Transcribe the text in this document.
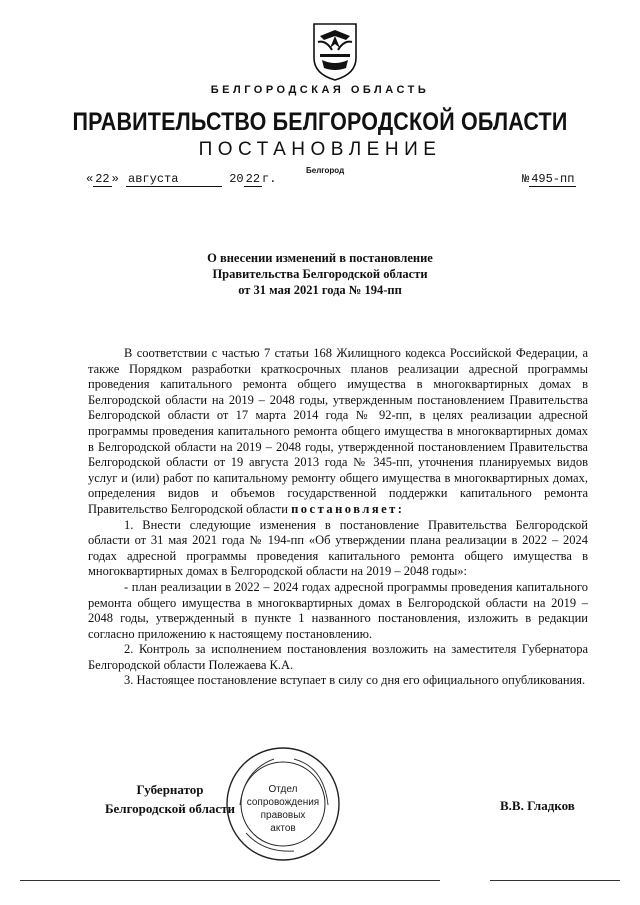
БЕЛГОРОДСКАЯ ОБЛАСТЬ
ПРАВИТЕЛЬСТВО БЕЛГОРОДСКОЙ ОБЛАСТИ
ПОСТАНОВЛЕНИЕ
Белгород
« 22 » августа	20 22 г.	№ 495-пп
О внесении изменений в постановление
Правительства Белгородской области
от 31 мая 2021 года № 194-пп

В соответствии с частью 7 статьи 168 Жилищного кодекса Российской Федерации, а также Порядком разработки краткосрочных планов реализации адресной программы проведения капитального ремонта общего имущества в многоквартирных домах в Белгородской области на 2019 – 2048 годы, утвержденным постановлением Правительства Белгородской области от 17 марта 2014 года № 92-пп, в целях реализации адресной программы проведения капитального ремонта общего имущества в многоквартирных домах в Белгородской области на 2019 – 2048 годы, утвержденной постановлением Правительства Белгородской области от 19 августа 2013 года № 345-пп, уточнения планируемых видов услуг и (или) работ по капитальному ремонту общего имущества в многоквартирных домах, определения видов и объемов государственной поддержки капитального ремонта Правительство Белгородской области постановляет:

1. Внести следующие изменения в постановление Правительства Белгородской области от 31 мая 2021 года № 194-пп «Об утверждении плана реализации в 2022 – 2024 годах адресной программы проведения капитального ремонта общего имущества в многоквартирных домах в Белгородской области на 2019 – 2048 годы»:

- план реализации в 2022 – 2024 годах адресной программы проведения капитального ремонта общего имущества в многоквартирных домах в Белгородской области на 2019 – 2048 годы, утвержденный в пункте 1 названного постановления, изложить в редакции согласно приложению к настоящему постановлению.

2. Контроль за исполнением постановления возложить на заместителя Губернатора Белгородской области Полежаева К.А.

3. Настоящее постановление вступает в силу со дня его официального опубликования.

Губернатор
Белгородской области
Отдел
сопровождения
правовых
актов
В.В. Гладков
